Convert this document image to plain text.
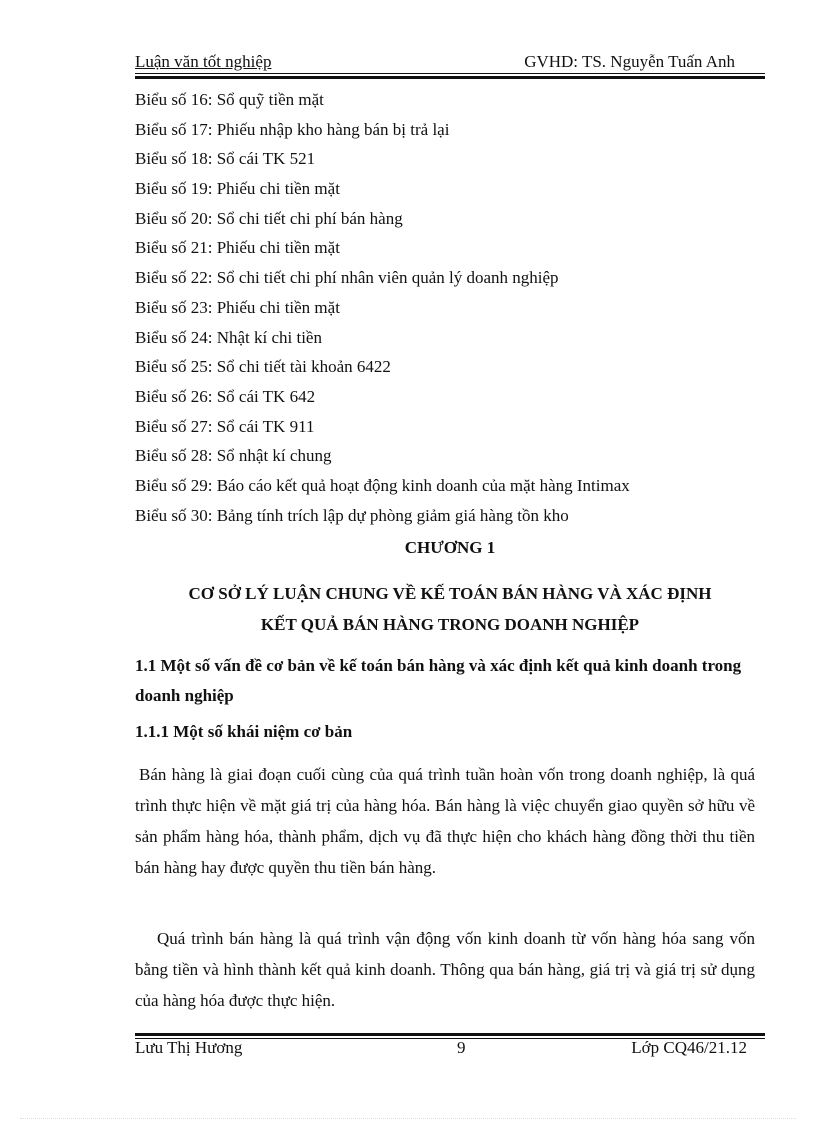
Luận văn tốt nghiệp	GVHD: TS. Nguyễn Tuấn Anh
Biểu số 16: Sổ quỹ tiền mặt
Biểu số 17: Phiếu nhập kho hàng bán bị trả lại
Biểu số 18: Sổ cái TK 521
Biểu số 19: Phiếu chi tiền mặt
Biểu số 20: Sổ chi tiết chi phí bán hàng
Biểu số 21: Phiếu chi tiền mặt
Biểu số 22: Sổ chi tiết chi phí nhân viên quản lý doanh nghiệp
Biểu số 23: Phiếu chi tiền mặt
Biểu số 24: Nhật kí chi tiền
Biểu số 25: Sổ chi tiết tài khoản 6422
Biểu số 26: Sổ cái TK 642
Biểu số 27: Sổ cái TK 911
Biểu số 28: Sổ nhật kí chung
Biểu số 29: Báo cáo kết quả hoạt động kinh doanh của mặt hàng Intimax
Biểu số 30: Bảng tính trích lập dự phòng giảm giá hàng tồn kho
CHƯƠNG 1
CƠ SỞ LÝ LUẬN CHUNG VỀ KẾ TOÁN BÁN HÀNG VÀ XÁC ĐỊNH
KẾT QUẢ BÁN HÀNG TRONG DOANH NGHIỆP
1.1 Một số vấn đề cơ bản về kế toán bán hàng và xác định kết quả kinh doanh trong doanh nghiệp
1.1.1 Một số khái niệm cơ bản

Bán hàng là giai đoạn cuối cùng của quá trình tuần hoàn vốn trong doanh nghiệp, là quá trình thực hiện về mặt giá trị của hàng hóa. Bán hàng là việc chuyển giao quyền sở hữu về sản phẩm hàng hóa, thành phẩm, dịch vụ đã thực hiện cho khách hàng đồng thời thu tiền bán hàng hay được quyền thu tiền bán hàng.

Quá trình bán hàng là quá trình vận động vốn kinh doanh từ vốn hàng hóa sang vốn bằng tiền và hình thành kết quả kinh doanh. Thông qua bán hàng, giá trị và giá trị sử dụng của hàng hóa được thực hiện.

Lưu Thị Hương	9	Lớp CQ46/21.12
